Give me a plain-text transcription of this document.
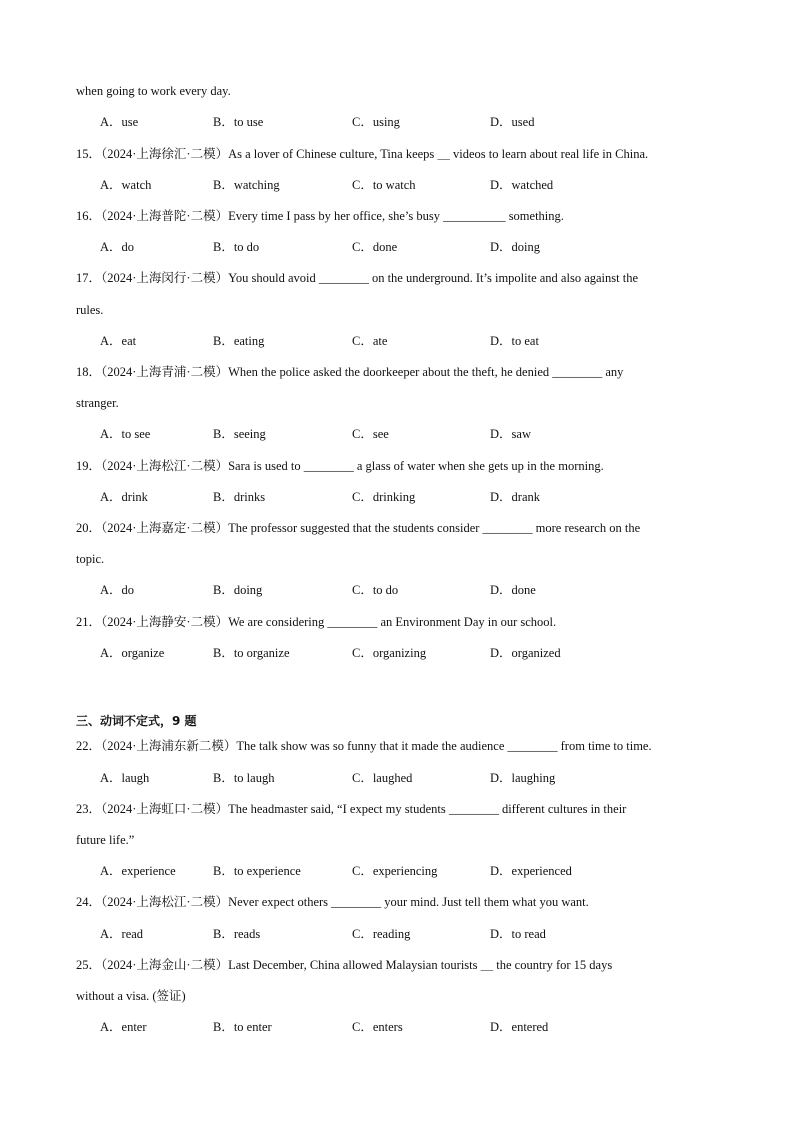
when going to work every day.
A．use	B．to use	C．using	D．used
15．（2024·上海徐汇·二模）As a lover of Chinese culture, Tina keeps ＿ videos to learn about real life in China.
A．watch	B．watching	C．to watch	D．watched
16．（2024·上海普陀·二模）Every time I pass by her office, she’s busy __________ something.
A．do	B．to do	C．done	D．doing
17．（2024·上海闵行·二模）You should avoid ________ on the underground. It’s impolite and also against the
rules.
A．eat	B．eating	C．ate	D．to eat
18．（2024·上海青浦·二模）When the police asked the doorkeeper about the theft, he denied ________ any
stranger.
A．to see	B．seeing	C．see	D．saw
19．（2024·上海松江·二模）Sara is used to ________ a glass of water when she gets up in the morning.
A．drink	B．drinks	C．drinking	D．drank
20．（2024·上海嘉定·二模）The professor suggested that the students consider ________ more research on the
topic.
A．do	B．doing	C．to do	D．done
21．（2024·上海静安·二模）We are considering ________ an Environment Day in our school.
A．organize	B．to organize	C．organizing	D．organized
三、动词不定式，9 题
22．（2024·上海浦东新二模）The talk show was so funny that it made the audience ________ from time to time.
A．laugh	B．to laugh	C．laughed	D．laughing
23．（2024·上海虹口·二模）The headmaster said, “I expect my students ________ different cultures in their
future life.”
A．experience	B．to experience	C．experiencing	D．experienced
24．（2024·上海松江·二模）Never expect others ________ your mind. Just tell them what you want.
A．read	B．reads	C．reading	D．to read
25．（2024·上海金山·二模）Last December, China allowed Malaysian tourists ＿ the country for 15 days
without a visa. (签证)
A．enter	B．to enter	C．enters	D．entered
